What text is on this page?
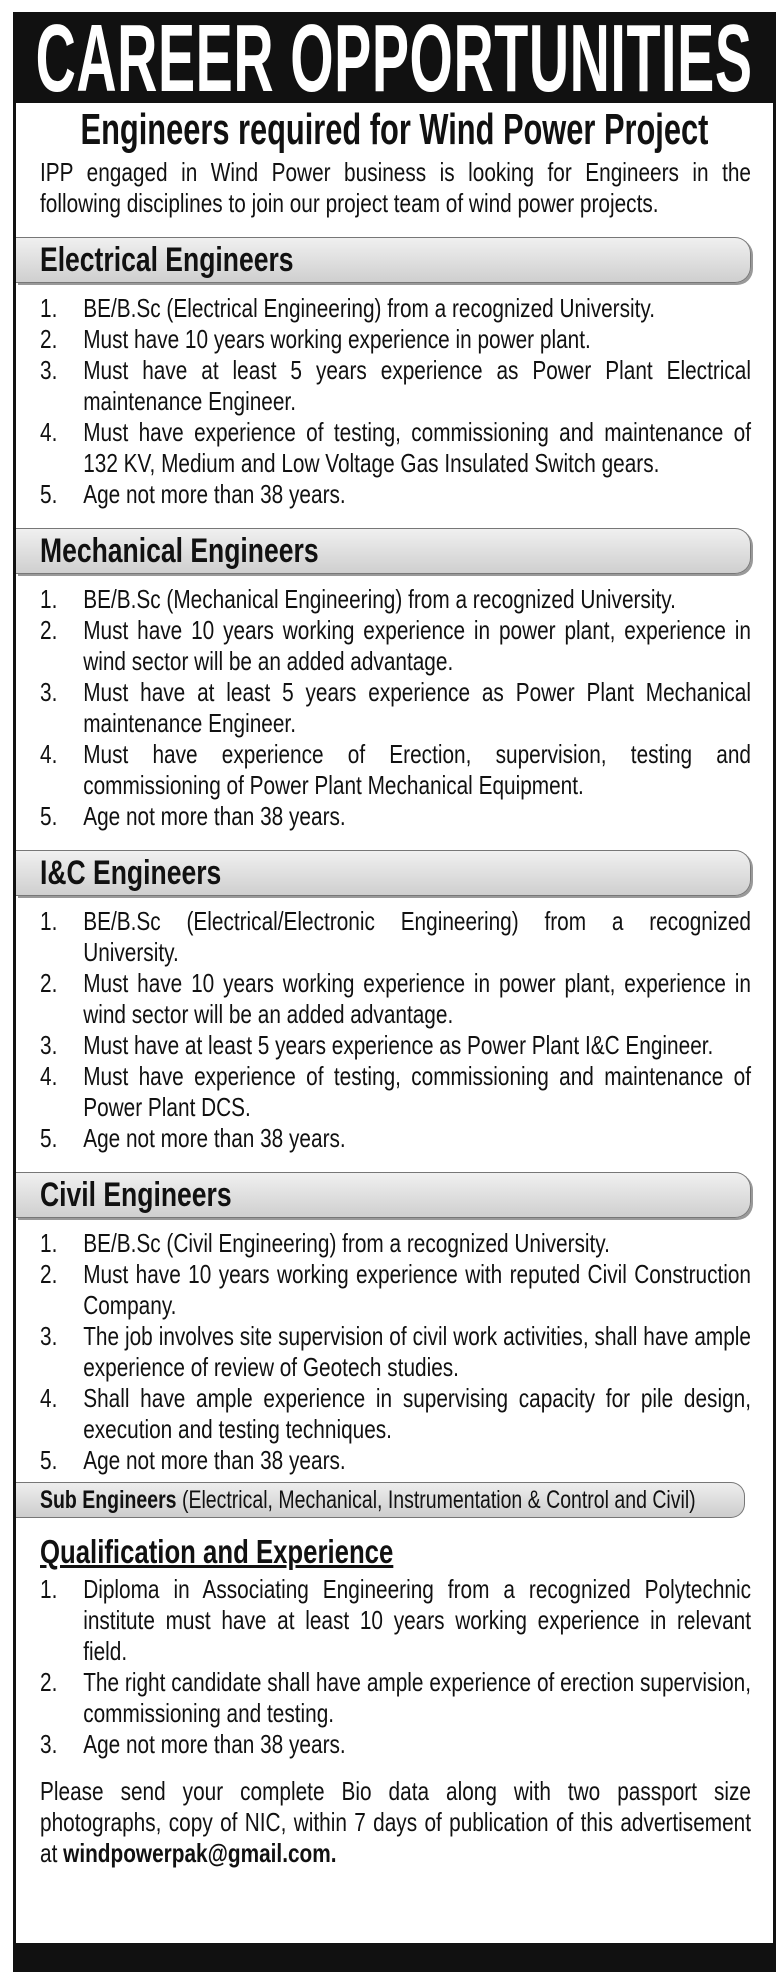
CAREER OPPORTUNITIES
Engineers required for Wind Power Project

IPP engaged in Wind Power business is looking for Engineers in the following disciplines to join our project team of wind power projects.

Electrical Engineers
1. BE/B.Sc (Electrical Engineering) from a recognized University.
2. Must have 10 years working experience in power plant.
3. Must have at least 5 years experience as Power Plant Electrical maintenance Engineer.
4. Must have experience of testing, commissioning and maintenance of 132 KV, Medium and Low Voltage Gas Insulated Switch gears.
5. Age not more than 38 years.
Mechanical Engineers
1. BE/B.Sc (Mechanical Engineering) from a recognized University.
2. Must have 10 years working experience in power plant, experience in wind sector will be an added advantage.
3. Must have at least 5 years experience as Power Plant Mechanical maintenance Engineer.
4. Must have experience of Erection, supervision, testing and commissioning of Power Plant Mechanical Equipment.
5. Age not more than 38 years.
I&C Engineers
1. BE/B.Sc (Electrical/Electronic Engineering) from a recognized University.
2. Must have 10 years working experience in power plant, experience in wind sector will be an added advantage.
3. Must have at least 5 years experience as Power Plant I&C Engineer.
4. Must have experience of testing, commissioning and maintenance of Power Plant DCS.
5. Age not more than 38 years.
Civil Engineers
1. BE/B.Sc (Civil Engineering) from a recognized University.
2. Must have 10 years working experience with reputed Civil Construction Company.
3. The job involves site supervision of civil work activities, shall have ample experience of review of Geotech studies.
4. Shall have ample experience in supervising capacity for pile design, execution and testing techniques.
5. Age not more than 38 years.
Sub Engineers (Electrical, Mechanical, Instrumentation & Control and Civil)
Qualification and Experience
1. Diploma in Associating Engineering from a recognized Polytechnic institute must have at least 10 years working experience in relevant field.
2. The right candidate shall have ample experience of erection supervision, commissioning and testing.
3. Age not more than 38 years.

Please send your complete Bio data along with two passport size photographs, copy of NIC, within 7 days of publication of this advertisement at windpowerpak@gmail.com.
